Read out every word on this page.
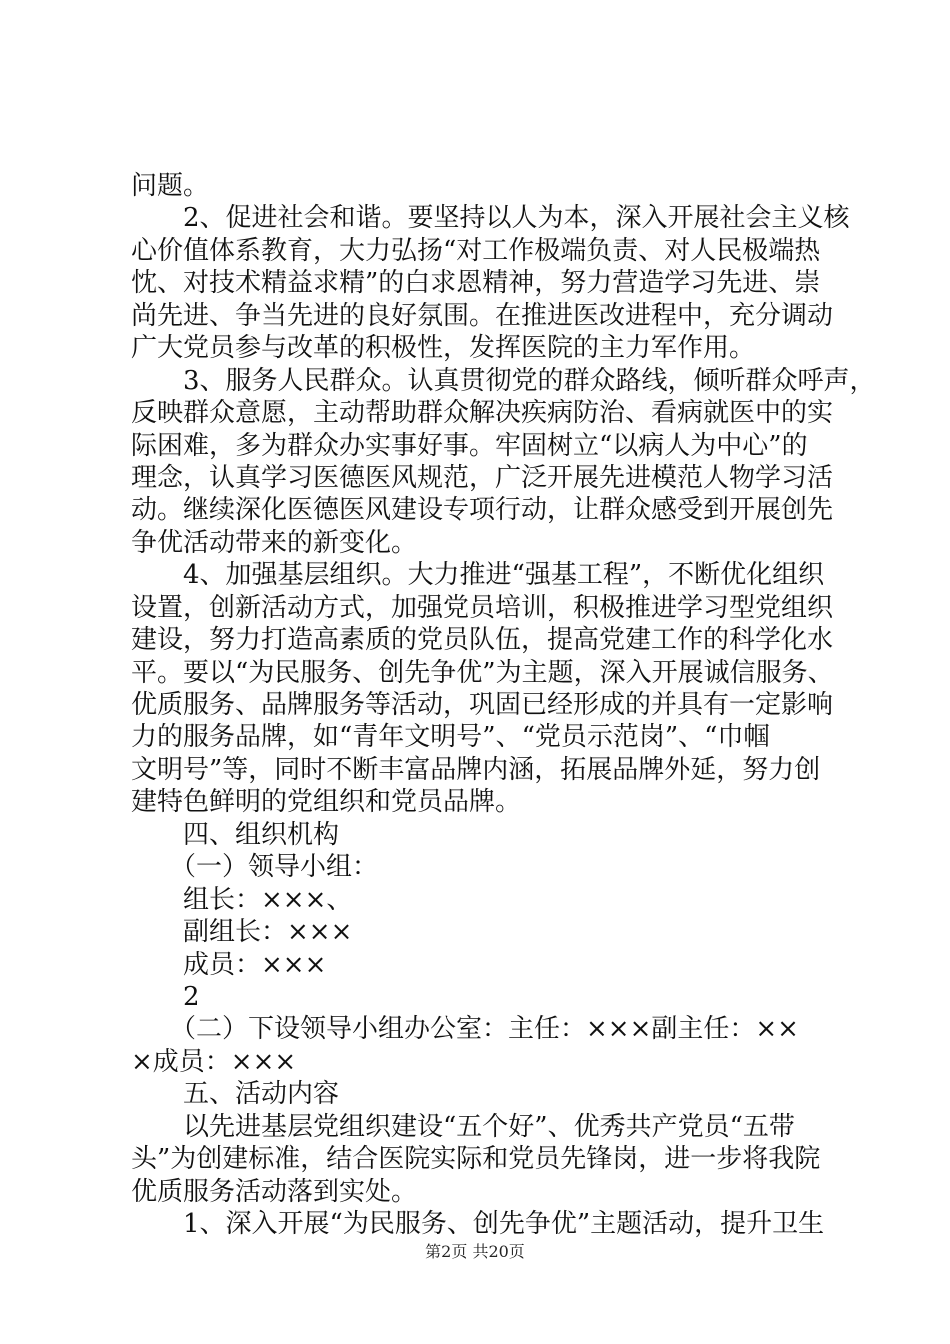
问题。
　　2、促进社会和谐。要坚持以人为本，深入开展社会主义核
心价值体系教育，大力弘扬“对工作极端负责、对人民极端热
忱、对技术精益求精”的白求恩精神，努力营造学习先进、崇
尚先进、争当先进的良好氛围。在推进医改进程中，充分调动
广大党员参与改革的积极性，发挥医院的主力军作用。
　　3、服务人民群众。认真贯彻党的群众路线，倾听群众呼声，
反映群众意愿，主动帮助群众解决疾病防治、看病就医中的实
际困难，多为群众办实事好事。牢固树立“以病人为中心”的
理念，认真学习医德医风规范，广泛开展先进模范人物学习活
动。继续深化医德医风建设专项行动，让群众感受到开展创先
争优活动带来的新变化。
　　4、加强基层组织。大力推进“强基工程”，不断优化组织
设置，创新活动方式，加强党员培训，积极推进学习型党组织
建设，努力打造高素质的党员队伍，提高党建工作的科学化水
平。要以“为民服务、创先争优”为主题，深入开展诚信服务、
优质服务、品牌服务等活动，巩固已经形成的并具有一定影响
力的服务品牌，如“青年文明号”、“党员示范岗”、“巾帼
文明号”等，同时不断丰富品牌内涵，拓展品牌外延，努力创
建特色鲜明的党组织和党员品牌。
　　四、组织机构
　　（一）领导小组：
　　组长：×××、
　　副组长：×××
　　成员：×××
　　2
　　（二）下设领导小组办公室：主任：×××副主任：××
×成员：×××
　　五、活动内容
　　以先进基层党组织建设“五个好”、优秀共产党员“五带
头”为创建标准，结合医院实际和党员先锋岗，进一步将我院
优质服务活动落到实处。
　　1、深入开展“为民服务、创先争优”主题活动，提升卫生
第2页 共20页
